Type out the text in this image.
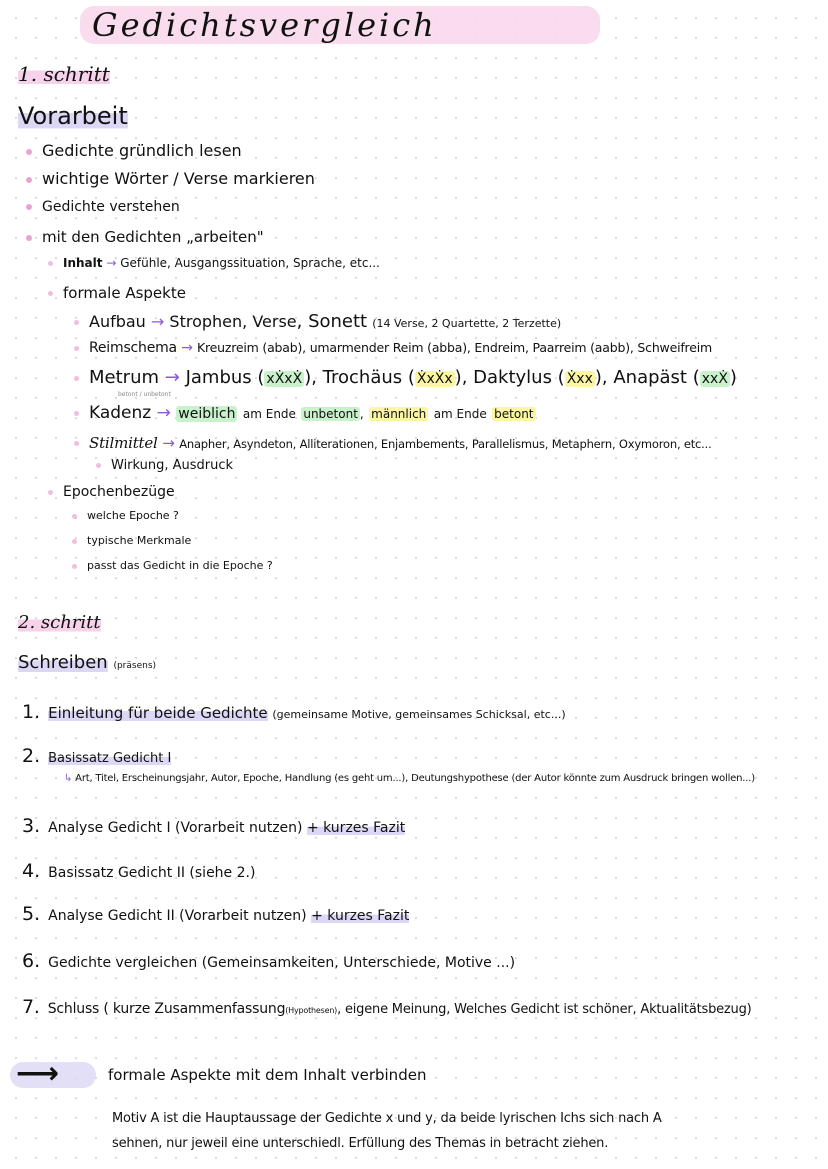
Gedichtsvergleich
1. schritt
Vorarbeit
Gedichte gründlich lesen
wichtige Wörter / Verse markieren
Gedichte verstehen
mit den Gedichten „arbeiten"
Inhalt → Gefühle, Ausgangssituation, Sprache, etc...
formale Aspekte
Aufbau → Strophen, Verse, Sonett (14 Verse, 2 Quartette, 2 Terzette)
Reimschema → Kreuzreim (abab), umarmender Reim (abba), Endreim, Paarreim (aabb), Schweifreim
Metrum → Jambus ( xẊxẊ ), Trochäus ( ẊxẊx ), Daktylus ( Ẋxx ), Anapäst ( xxẊ )
betont / unbetont
Kadenz → weiblich am Ende unbetont , männlich am Ende betont
Stilmittel → Anapher, Asyndeton, Alliterationen, Enjambements, Parallelismus, Metaphern, Oxymoron, etc...
Wirkung, Ausdruck
Epochenbezüge
welche Epoche ?
typische Merkmale
passt das Gedicht in die Epoche ?
2. schritt
Schreiben (präsens)
1. Einleitung für beide Gedichte (gemeinsame Motive, gemeinsames Schicksal, etc...)
2. Basissatz Gedicht I
↳ Art, Titel, Erscheinungsjahr, Autor, Epoche, Handlung (es geht um...), Deutungshypothese (der Autor könnte zum Ausdruck bringen wollen...)
3. Analyse Gedicht I (Vorarbeit nutzen) + kurzes Fazit
4. Basissatz Gedicht II (siehe 2.)
5. Analyse Gedicht II (Vorarbeit nutzen) + kurzes Fazit
6. Gedichte vergleichen (Gemeinsamkeiten, Unterschiede, Motive ...)
7. Schluss ( kurze Zusammenfassung(Hypothesen), eigene Meinung, Welches Gedicht ist schöner, Aktualitätsbezug)
⟶	formale Aspekte mit dem Inhalt verbinden
Motiv A ist die Hauptaussage der Gedichte x und y, da beide lyrischen Ichs sich nach A
sehnen, nur jeweil eine unterschiedl. Erfüllung des Themas in betracht ziehen.
